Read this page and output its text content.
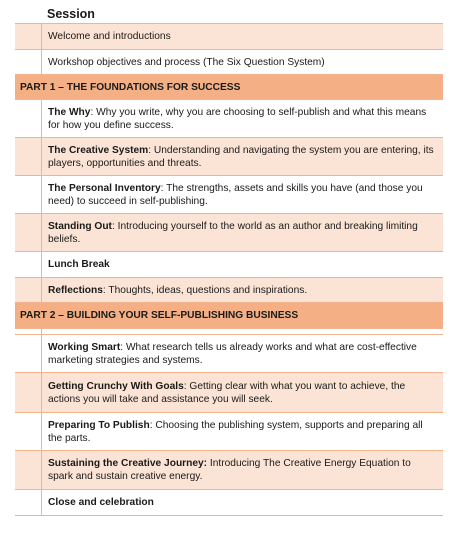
Session
Welcome and introductions
Workshop objectives and process (The Six Question System)
PART 1 – THE FOUNDATIONS FOR SUCCESS
The Why: Why you write, why you are choosing to self-publish and what this means for how you define success.
The Creative System: Understanding and navigating the system you are entering, its players, opportunities and threats.
The Personal Inventory: The strengths, assets and skills you have (and those you need) to succeed in self-publishing.
Standing Out: Introducing yourself to the world as an author and breaking limiting beliefs.
Lunch Break
Reflections: Thoughts, ideas, questions and inspirations.
PART 2 – BUILDING YOUR SELF-PUBLISHING BUSINESS
Working Smart: What research tells us already works and what are cost-effective marketing strategies and systems.
Getting Crunchy With Goals: Getting clear with what you want to achieve, the actions you will take and assistance you will seek.
Preparing To Publish: Choosing the publishing system, supports and preparing all the parts.
Sustaining the Creative Journey: Introducing The Creative Energy Equation to spark and sustain creative energy.
Close and celebration
